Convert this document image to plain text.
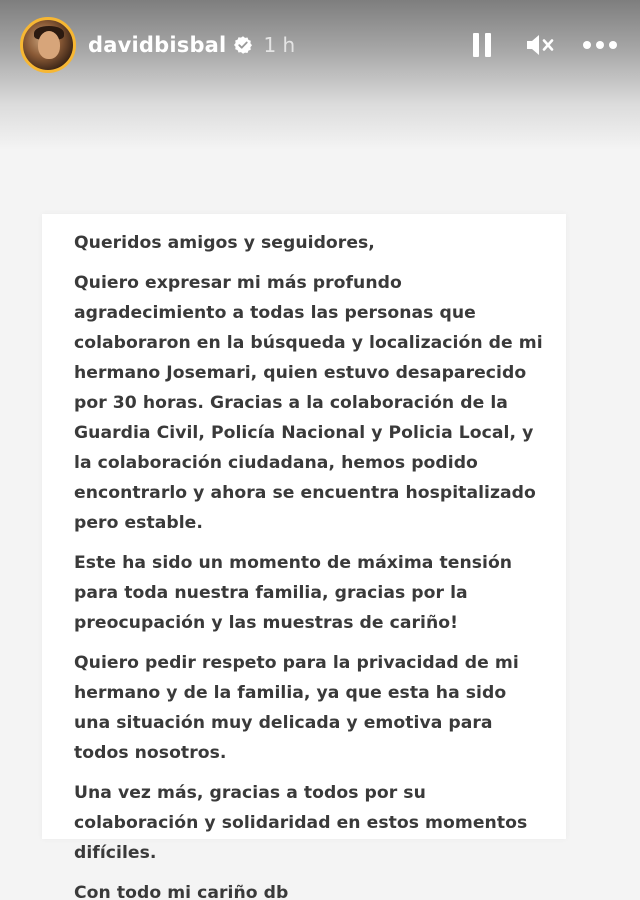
davidbisbal 1 h

Queridos amigos y seguidores,

Quiero expresar mi más profundo agradecimiento a todas las personas que colaboraron en la búsqueda y localización de mi hermano Josemari, quien estuvo desaparecido por 30 horas. Gracias a la colaboración de la Guardia Civil, Policía Nacional y Policia Local, y la colaboración ciudadana, hemos podido encontrarlo y ahora se encuentra hospitalizado pero estable.

Este ha sido un momento de máxima tensión para toda nuestra familia, gracias por la preocupación y las muestras de cariño!

Quiero pedir respeto para la privacidad de mi hermano y de la familia, ya que esta ha sido una situación muy delicada y emotiva para todos nosotros.

Una vez más, gracias a todos por su colaboración y solidaridad en estos momentos difíciles.

Con todo mi cariño db
